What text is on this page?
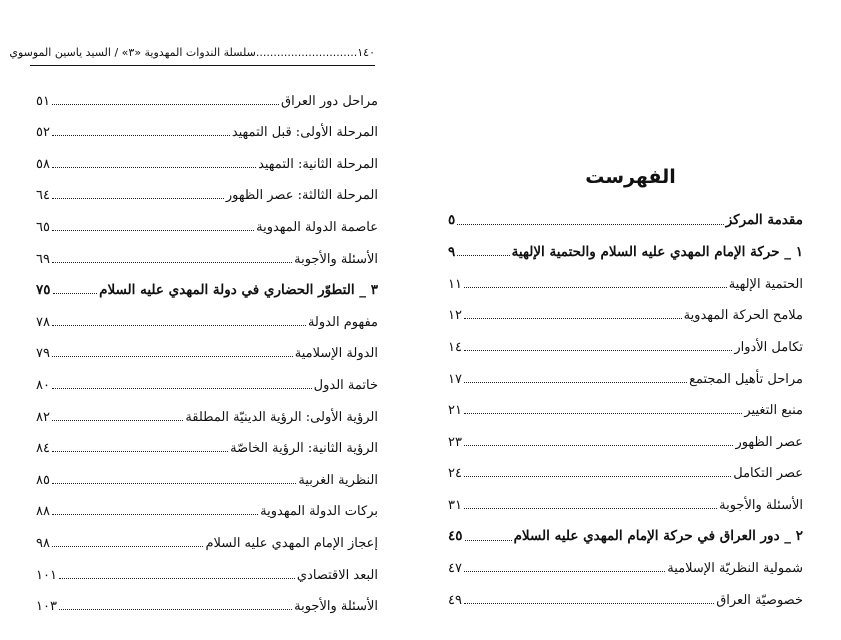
١٤٠.............................سلسلة الندوات المهدوية «٣» / السيد ياسين الموسوي
مراحل دور العراق
٥١
المرحلة الأولى: قبل التمهيد
٥٢
المرحلة الثانية: التمهيد
٥٨
المرحلة الثالثة: عصر الظهور
٦٤
عاصمة الدولة المهدوية
٦٥
الأسئلة والأجوبة
٦٩
٣ _ التطوّر الحضاري في دولة المهدي عليه السلام
٧٥
مفهوم الدولة
٧٨
الدولة الإسلامية
٧٩
خاتمة الدول
٨٠
الرؤية الأولى: الرؤية الدينيّة المطلقة
٨٢
الرؤية الثانية: الرؤية الخاصّة
٨٤
النظرية الغربية
٨٥
بركات الدولة المهدوية
٨٨
إعجاز الإمام المهدي عليه السلام
٩٨
البعد الاقتصادي
١٠١
الأسئلة والأجوبة
١٠٣
الفهرست
مقدمة المركز
٥
١ _ حركة الإمام المهدي عليه السلام والحتمية الإلهية
٩
الحتمية الإلهية
١١
ملامح الحركة المهدوية
١٢
تكامل الأدوار
١٤
مراحل تأهيل المجتمع
١٧
منبع التغيير
٢١
عصر الظهور
٢٣
عصر التكامل
٢٤
الأسئلة والأجوبة
٣١
٢ _ دور العراق في حركة الإمام المهدي عليه السلام
٤٥
شمولية النظريّة الإسلامية
٤٧
خصوصيّة العراق
٤٩
